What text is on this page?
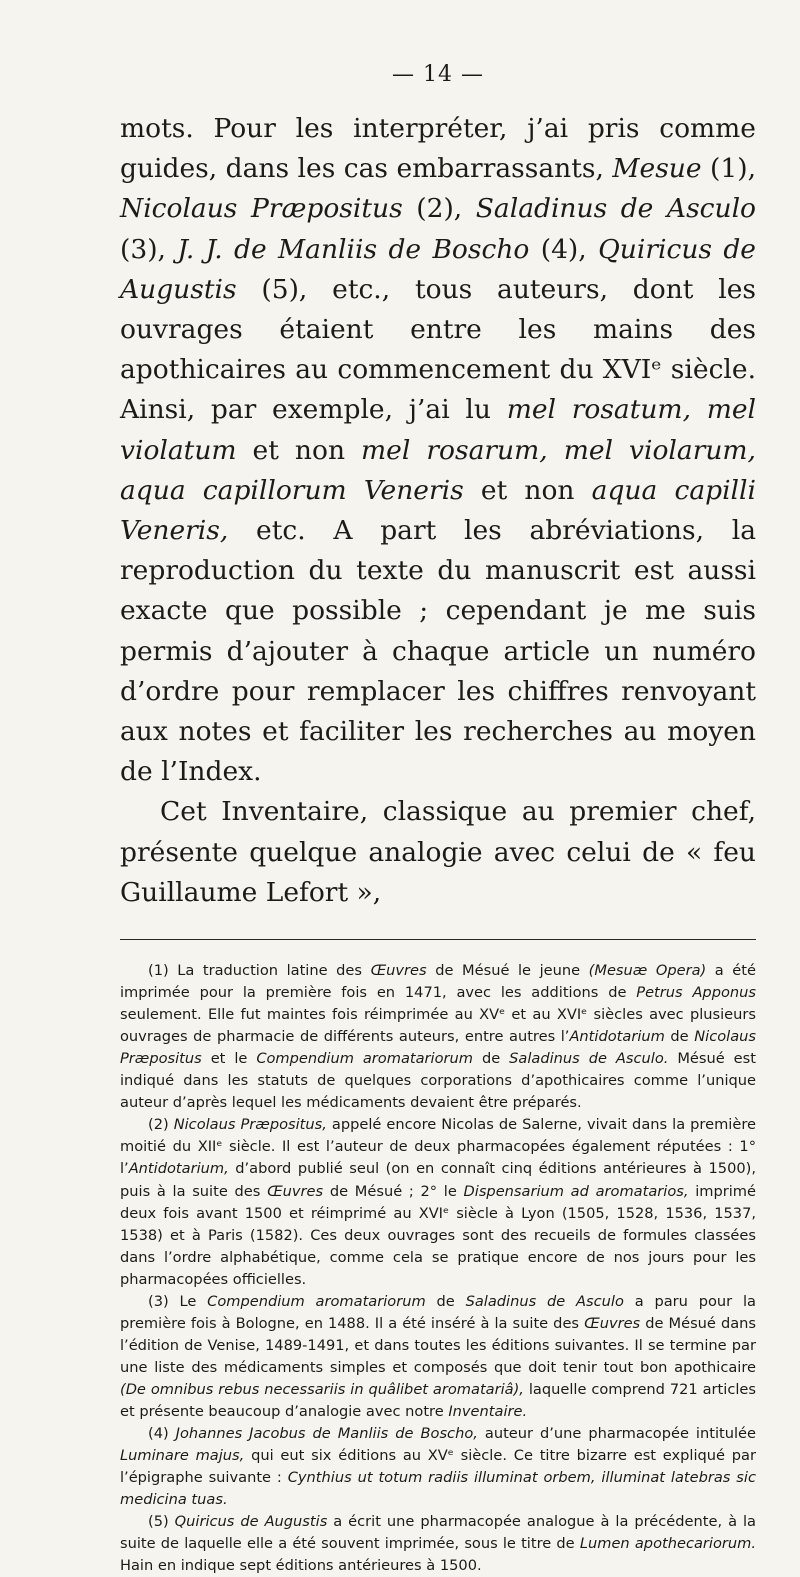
— 14 —

mots. Pour les interpréter, j’ai pris comme guides, dans les cas embarrassants, Mesue (1), Nicolaus Præpositus (2), Saladinus de Asculo (3), J. J. de Manliis de Boscho (4), Quiricus de Augustis (5), etc., tous auteurs, dont les ouvrages étaient entre les mains des apothicaires au commencement du XVIᵉ siècle. Ainsi, par exemple, j’ai lu mel rosatum, mel violatum et non mel rosarum, mel violarum, aqua capillorum Veneris et non aqua capilli Veneris, etc. A part les abréviations, la reproduction du texte du manuscrit est aussi exacte que possible ; cependant je me suis permis d’ajouter à chaque article un numéro d’ordre pour remplacer les chiffres renvoyant aux notes et faciliter les recherches au moyen de l’Index.

Cet Inventaire, classique au premier chef, présente quelque analogie avec celui de « feu Guillaume Lefort »,

(1) La traduction latine des Œuvres de Mésué le jeune (Mesuæ Opera) a été imprimée pour la première fois en 1471, avec les additions de Petrus Apponus seulement. Elle fut maintes fois réimprimée au XVᵉ et au XVIᵉ siècles avec plusieurs ouvrages de pharmacie de différents auteurs, entre autres l’Antidotarium de Nicolaus Præpositus et le Compendium aromatariorum de Saladinus de Asculo. Mésué est indiqué dans les statuts de quelques corporations d’apothicaires comme l’unique auteur d’après lequel les médicaments devaient être préparés.

(2) Nicolaus Præpositus, appelé encore Nicolas de Salerne, vivait dans la première moitié du XIIᵉ siècle. Il est l’auteur de deux pharmacopées également réputées : 1° l’Antidotarium, d’abord publié seul (on en connaît cinq éditions antérieures à 1500), puis à la suite des Œuvres de Mésué ; 2° le Dispensarium ad aromatarios, imprimé deux fois avant 1500 et réimprimé au XVIᵉ siècle à Lyon (1505, 1528, 1536, 1537, 1538) et à Paris (1582). Ces deux ouvrages sont des recueils de formules classées dans l’ordre alphabétique, comme cela se pratique encore de nos jours pour les pharmacopées officielles.

(3) Le Compendium aromatariorum de Saladinus de Asculo a paru pour la première fois à Bologne, en 1488. Il a été inséré à la suite des Œuvres de Mésué dans l’édition de Venise, 1489-1491, et dans toutes les éditions suivantes. Il se termine par une liste des médicaments simples et composés que doit tenir tout bon apothicaire (De omnibus rebus necessariis in quâlibet aromatariâ), laquelle comprend 721 articles et présente beaucoup d’analogie avec notre Inventaire.

(4) Johannes Jacobus de Manliis de Boscho, auteur d’une pharmacopée intitulée Luminare majus, qui eut six éditions au XVᵉ siècle. Ce titre bizarre est expliqué par l’épigraphe suivante : Cynthius ut totum radiis illuminat orbem, illuminat latebras sic medicina tuas.

(5) Quiricus de Augustis a écrit une pharmacopée analogue à la précédente, à la suite de laquelle elle a été souvent imprimée, sous le titre de Lumen apothecariorum. Hain en indique sept éditions antérieures à 1500.
